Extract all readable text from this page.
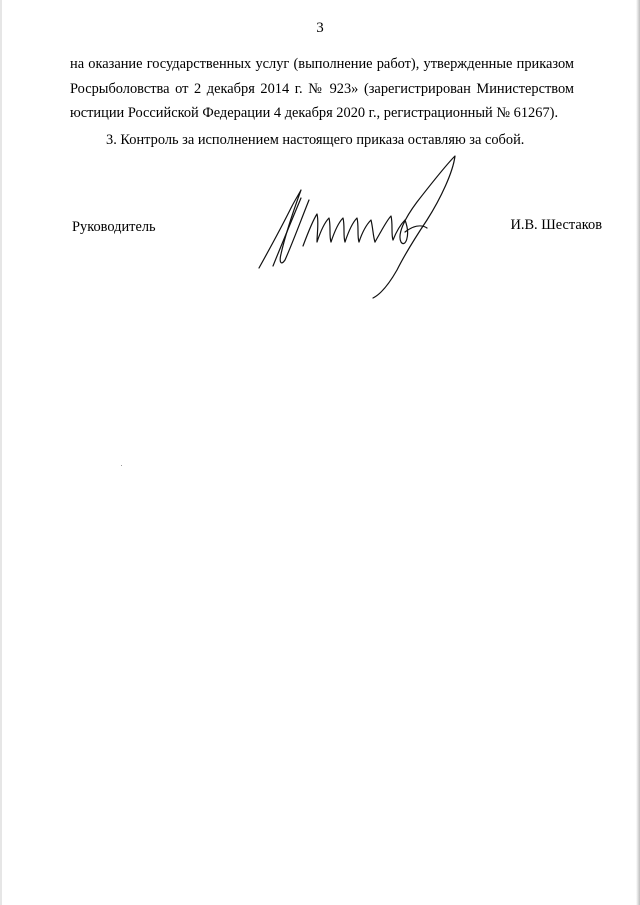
3

на оказание государственных услуг (выполнение работ), утвержденные приказом Росрыболовства от 2 декабря 2014 г. № 923» (зарегистрирован Министерством юстиции Российской Федерации 4 декабря 2020 г., регистрационный № 61267).

3. Контроль за исполнением настоящего приказа оставляю за собой.

Руководитель	И.В. Шестаков
